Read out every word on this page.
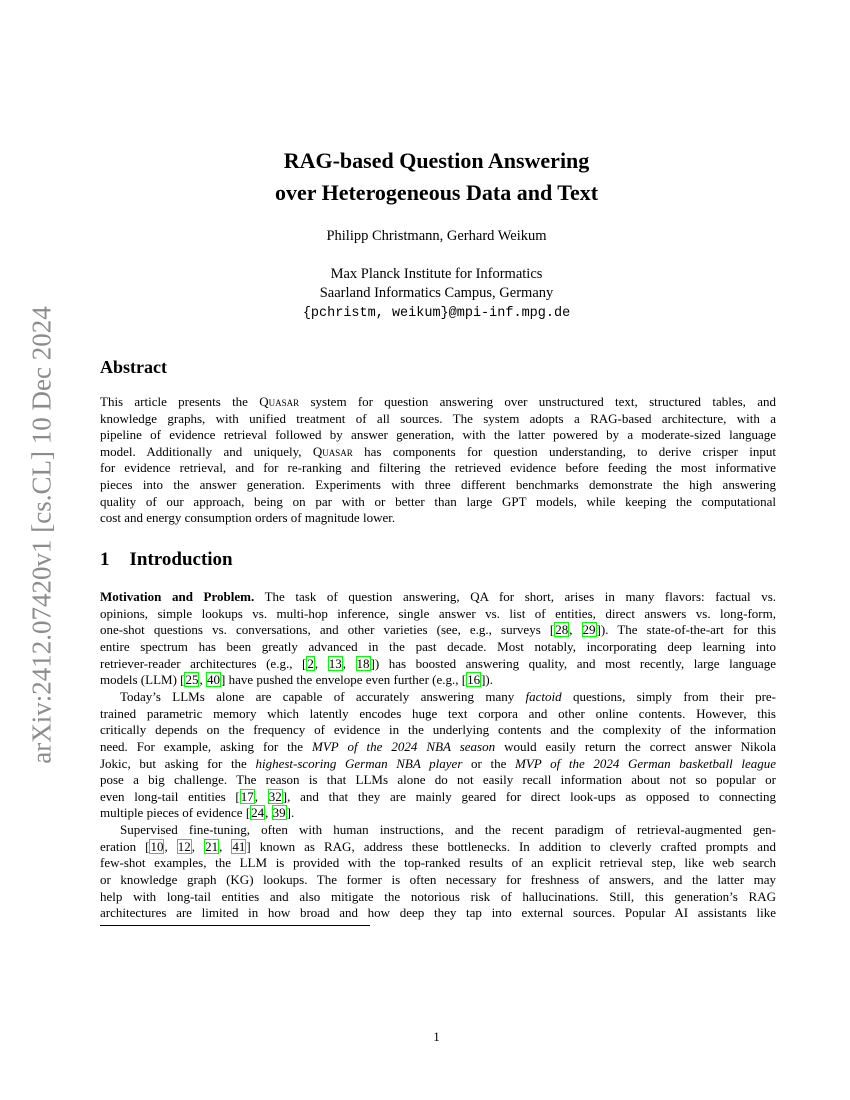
arXiv:2412.07420v1 [cs.CL] 10 Dec 2024
RAG-based Question Answering
over Heterogeneous Data and Text
Philipp Christmann, Gerhard Weikum
Max Planck Institute for Informatics
Saarland Informatics Campus, Germany
{pchristm, weikum}@mpi-inf.mpg.de
Abstract
This article presents the Quasar system for question answering over unstructured text, structured tables, and
knowledge graphs, with unified treatment of all sources. The system adopts a RAG-based architecture, with a
pipeline of evidence retrieval followed by answer generation, with the latter powered by a moderate-sized language
model. Additionally and uniquely, Quasar has components for question understanding, to derive crisper input
for evidence retrieval, and for re-ranking and filtering the retrieved evidence before feeding the most informative
pieces into the answer generation. Experiments with three different benchmarks demonstrate the high answering
quality of our approach, being on par with or better than large GPT models, while keeping the computational
cost and energy consumption orders of magnitude lower.
1 Introduction
Motivation and Problem. The task of question answering, QA for short, arises in many flavors: factual vs.
opinions, simple lookups vs. multi-hop inference, single answer vs. list of entities, direct answers vs. long-form,
one-shot questions vs. conversations, and other varieties (see, e.g., surveys [28, 29]). The state-of-the-art for this
entire spectrum has been greatly advanced in the past decade. Most notably, incorporating deep learning into
retriever-reader architectures (e.g., [2, 13, 18]) has boosted answering quality, and most recently, large language
models (LLM) [25, 40] have pushed the envelope even further (e.g., [16]).
Today’s LLMs alone are capable of accurately answering many factoid questions, simply from their pre-
trained parametric memory which latently encodes huge text corpora and other online contents. However, this
critically depends on the frequency of evidence in the underlying contents and the complexity of the information
need. For example, asking for the MVP of the 2024 NBA season would easily return the correct answer Nikola
Jokic, but asking for the highest-scoring German NBA player or the MVP of the 2024 German basketball league
pose a big challenge. The reason is that LLMs alone do not easily recall information about not so popular or
even long-tail entities [17, 32], and that they are mainly geared for direct look-ups as opposed to connecting
multiple pieces of evidence [24, 39].
Supervised fine-tuning, often with human instructions, and the recent paradigm of retrieval-augmented gen-
eration [10, 12, 21, 41] known as RAG, address these bottlenecks. In addition to cleverly crafted prompts and
few-shot examples, the LLM is provided with the top-ranked results of an explicit retrieval step, like web search
or knowledge graph (KG) lookups. The former is often necessary for freshness of answers, and the latter may
help with long-tail entities and also mitigate the notorious risk of hallucinations. Still, this generation’s RAG
architectures are limited in how broad and how deep they tap into external sources. Popular AI assistants like
1
